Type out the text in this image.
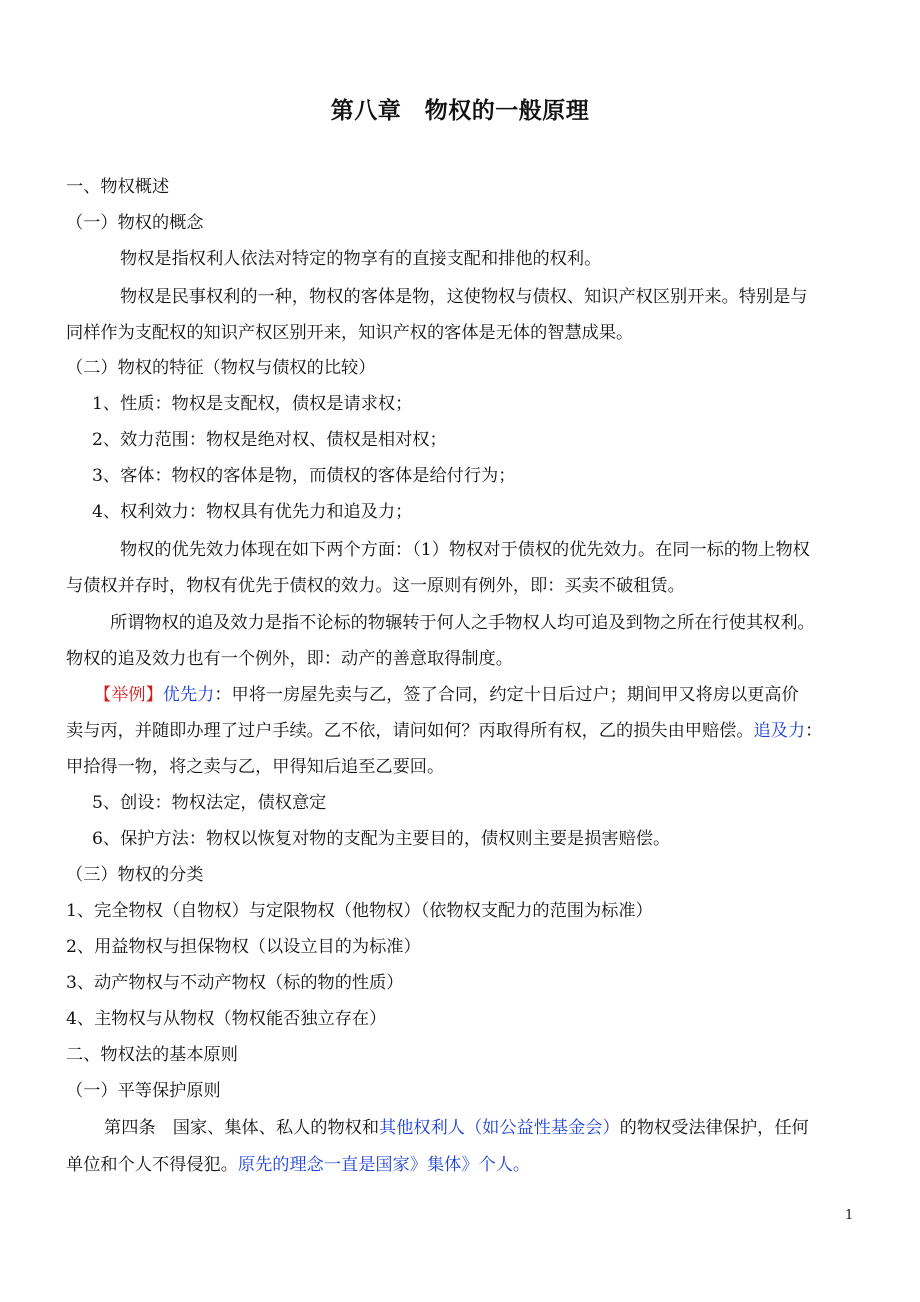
第八章　物权的一般原理
一、物权概述
（一）物权的概念
物权是指权利人依法对特定的物享有的直接支配和排他的权利。
物权是民事权利的一种，物权的客体是物，这使物权与债权、知识产权区别开来。特别是与
同样作为支配权的知识产权区别开来，知识产权的客体是无体的智慧成果。
（二）物权的特征（物权与债权的比较）
1、性质：物权是支配权，债权是请求权；
2、效力范围：物权是绝对权、债权是相对权；
3、客体：物权的客体是物，而债权的客体是给付行为；
4、权利效力：物权具有优先力和追及力；
物权的优先效力体现在如下两个方面：（1）物权对于债权的优先效力。在同一标的物上物权
与债权并存时，物权有优先于债权的效力。这一原则有例外，即：买卖不破租赁。
所谓物权的追及效力是指不论标的物辗转于何人之手物权人均可追及到物之所在行使其权利。
物权的追及效力也有一个例外，即：动产的善意取得制度。
【举例】优先力：甲将一房屋先卖与乙，签了合同，约定十日后过户；期间甲又将房以更高价
卖与丙，并随即办理了过户手续。乙不依，请问如何？丙取得所有权，乙的损失由甲赔偿。追及力：
甲拾得一物，将之卖与乙，甲得知后追至乙要回。
5、创设：物权法定，债权意定
6、保护方法：物权以恢复对物的支配为主要目的，债权则主要是损害赔偿。
（三）物权的分类
1、完全物权（自物权）与定限物权（他物权）（依物权支配力的范围为标准）
2、用益物权与担保物权（以设立目的为标准）
3、动产物权与不动产物权（标的物的性质）
4、主物权与从物权（物权能否独立存在）
二、物权法的基本原则
（一）平等保护原则
第四条　国家、集体、私人的物权和其他权利人（如公益性基金会）的物权受法律保护，任何
单位和个人不得侵犯。原先的理念一直是国家》集体》个人。
1
